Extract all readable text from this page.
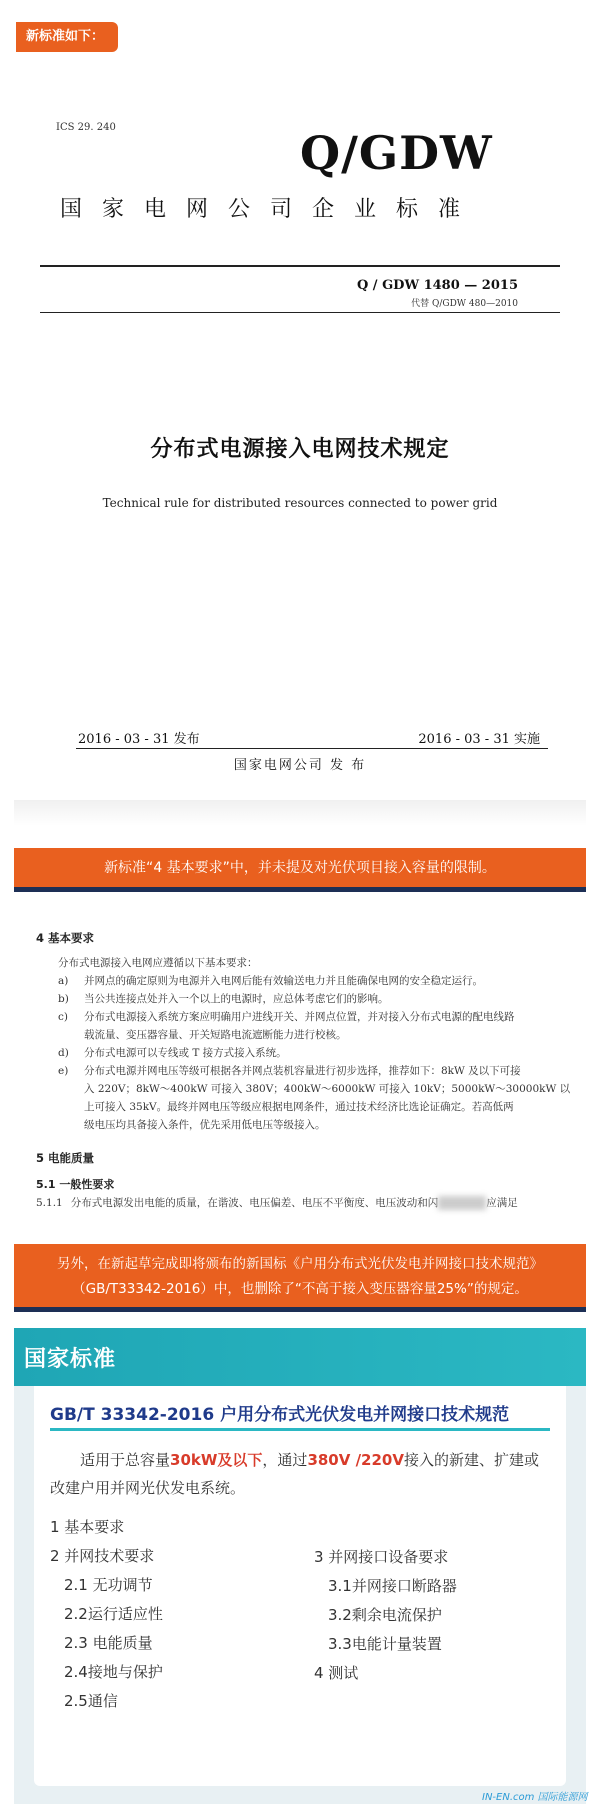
新标准如下：
ICS 29. 240	Q/GDW
国家电网公司企业标准
Q / GDW 1480 — 2015
代替 Q/GDW 480—2010
分布式电源接入电网技术规定
Technical rule for distributed resources connected to power grid
2016 - 03 - 31 发布	2016 - 03 - 31 实施
国家电网公司 发 布
新标准“4 基本要求”中，并未提及对光伏项目接入容量的限制。
4 基本要求
分布式电源接入电网应遵循以下基本要求：
a) 并网点的确定原则为电源并入电网后能有效输送电力并且能确保电网的安全稳定运行。
b) 当公共连接点处并入一个以上的电源时，应总体考虑它们的影响。
c) 分布式电源接入系统方案应明确用户进线开关、并网点位置，并对接入分布式电源的配电线路
载流量、变压器容量、开关短路电流遮断能力进行校核。
d) 分布式电源可以专线或 T 接方式接入系统。
e) 分布式电源并网电压等级可根据各并网点装机容量进行初步选择，推荐如下：8kW 及以下可接
入 220V；8kW～400kW 可接入 380V；400kW～6000kW 可接入 10kV；5000kW～30000kW 以
上可接入 35kV。最终并网电压等级应根据电网条件，通过技术经济比选论证确定。若高低两
级电压均具备接入条件，优先采用低电压等级接入。
5 电能质量
5.1 一般性要求
5.1.1 分布式电源发出电能的质量，在谐波、电压偏差、电压不平衡度、电压波动和闪	应满足
另外，在新起草完成即将颁布的新国标《户用分布式光伏发电并网接口技术规范》（GB/T33342-2016）中，也删除了“不高于接入变压器容量25%”的规定。
国家标准
GB/T 33342-2016 户用分布式光伏发电并网接口技术规范
适用于总容量30kW及以下，通过380V /220V接入的新建、扩建或改建户用并网光伏发电系统。
1 基本要求
2 并网技术要求
2.1 无功调节
2.2运行适应性
2.3 电能质量
2.4接地与保护
2.5通信
3 并网接口设备要求
3.1并网接口断路器
3.2剩余电流保护
3.3电能计量装置
4 测试
IN-EN.com 国际能源网
